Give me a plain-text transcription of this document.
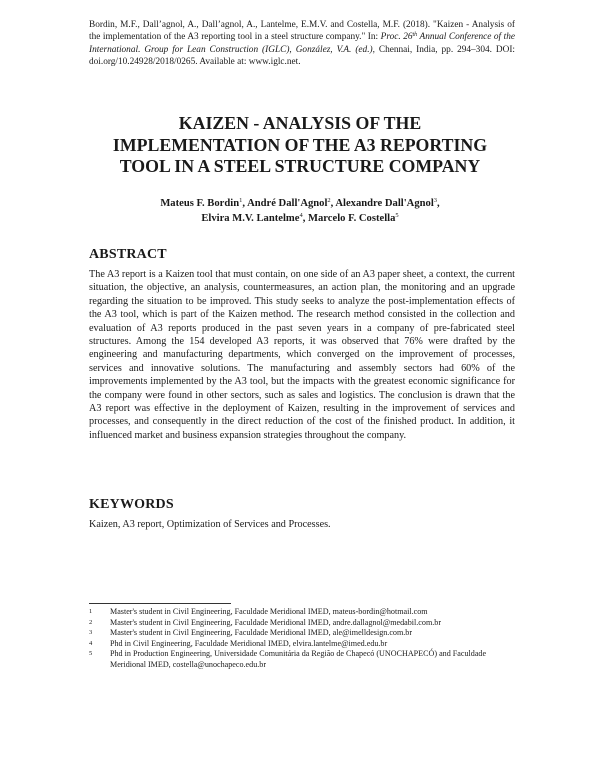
Bordin, M.F., Dall’agnol, A., Dall’agnol, A., Lantelme, E.M.V. and Costella, M.F. (2018). "Kaizen - Analysis of the implementation of the A3 reporting tool in a steel structure company." In: Proc. 26th Annual Conference of the International. Group for Lean Construction (IGLC), González, V.A. (ed.), Chennai, India, pp. 294–304. DOI: doi.org/10.24928/2018/0265. Available at: www.iglc.net.
KAIZEN - ANALYSIS OF THE
IMPLEMENTATION OF THE A3 REPORTING
TOOL IN A STEEL STRUCTURE COMPANY
Mateus F. Bordin$^1$, André Dall'Agnol$^2$, Alexandre Dall'Agnol$^3$,
Elvira M.V. Lantelme$^4$, Marcelo F. Costella$^5$
ABSTRACT

The A3 report is a Kaizen tool that must contain, on one side of an A3 paper sheet, a context, the current situation, the objective, an analysis, countermeasures, an action plan, the monitoring and an upgrade regarding the situation to be improved. This study seeks to analyze the post-implementation effects of the A3 tool, which is part of the Kaizen method. The research method consisted in the collection and evaluation of A3 reports produced in the past seven years in a company of pre-fabricated steel structures. Among the 154 developed A3 reports, it was observed that 76% were drafted by the engineering and manufacturing departments, which converged on the improvement of processes, services and innovative solutions. The manufacturing and assembly sectors had 60% of the improvements implemented by the A3 tool, but the impacts with the greatest economic significance for the company were found in other sectors, such as sales and logistics. The conclusion is drawn that the A3 report was effective in the deployment of Kaizen, resulting in the improvement of services and processes, and consequently in the direct reduction of the cost of the finished product. In addition, it influenced market and business expansion strategies throughout the company.

KEYWORDS

Kaizen, A3 report, Optimization of Services and Processes.

1	Master's student in Civil Engineering, Faculdade Meridional IMED, mateus-bordin@hotmail.com
2	Master's student in Civil Engineering, Faculdade Meridional IMED, andre.dallagnol@medabil.com.br
3	Master's student in Civil Engineering, Faculdade Meridional IMED, ale@imelldesign.com.br
4	Phd in Civil Engineering, Faculdade Meridional IMED, elvira.lantelme@imed.edu.br
5	Phd in Production Engineering, Universidade Comunitária da Região de Chapecó (UNOCHAPECÓ) and Faculdade Meridional IMED, costella@unochapeco.edu.br
